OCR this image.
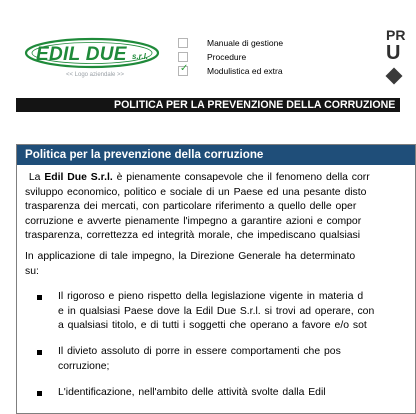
EDIL DUE s.r.l.
<< Logo aziendale >>
Manuale di gestione
Procedure
✓ Modulistica ed extra
PR
U
POLITICA PER LA PREVENZIONE DELLA CORRUZIONE
Politica per la prevenzione della corruzione
La Edil Due S.r.l. è pienamente consapevole che il fenomeno della corr
sviluppo economico, politico e sociale di un Paese ed una pesante disto
trasparenza dei mercati, con particolare riferimento a quello delle oper
corruzione e avverte pienamente l'impegno a garantire azioni e compor
trasparenza, correttezza ed integrità morale, che impediscano qualsiasi
In applicazione di tale impegno, la Direzione Generale ha determinato
su:
Il rigoroso e pieno rispetto della legislazione vigente in materia d
e in qualsiasi Paese dove la Edil Due S.r.l. si trovi ad operare, con
a qualsiasi titolo, e di tutti i soggetti che operano a favore e/o sot
Il divieto assoluto di porre in essere comportamenti che pos
corruzione;
L'identificazione, nell'ambito delle attività svolte dalla Edil
